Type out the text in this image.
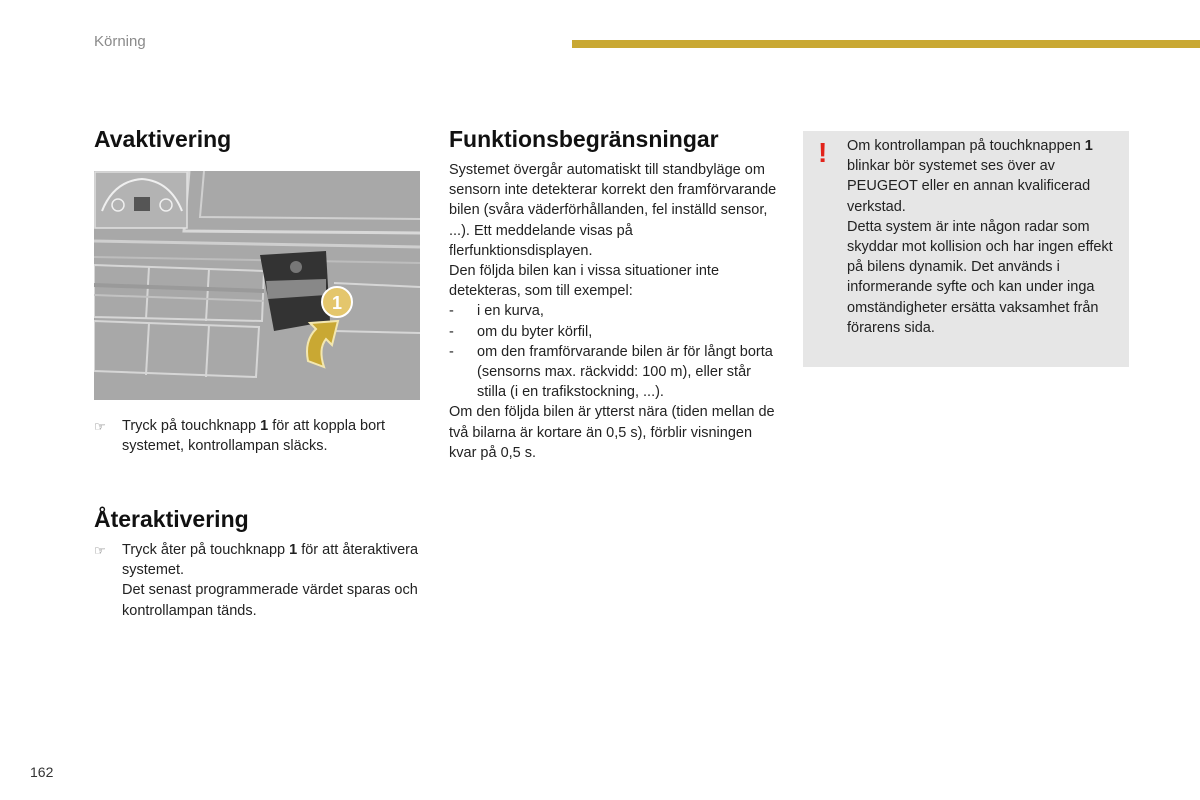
Körning
Avaktivering
1
☞	Tryck på touchknapp 1 för att koppla bort systemet, kontrollampan släcks.
Återaktivering
☞	Tryck åter på touchknapp 1 för att återaktivera systemet.
Det senast programmerade värdet sparas och kontrollampan tänds.
Funktionsbegränsningar
Systemet övergår automatiskt till standbyläge om sensorn inte detekterar korrekt den framförvarande bilen (svåra väderförhållanden, fel inställd sensor, ...). Ett meddelande visas på flerfunktionsdisplayen.
Den följda bilen kan i vissa situationer inte detekteras, som till exempel:
-	i en kurva,
-	om du byter körfil,
-	om den framförvarande bilen är för långt borta (sensorns max. räckvidd: 100 m), eller står stilla (i en trafikstockning, ...).
Om den följda bilen är ytterst nära (tiden mellan de två bilarna är kortare än 0,5 s), förblir visningen kvar på 0,5 s.
! Om kontrollampan på touchknappen 1 blinkar bör systemet ses över av PEUGEOT eller en annan kvalificerad verkstad.
Detta system är inte någon radar som skyddar mot kollision och har ingen effekt på bilens dynamik. Det används i informerande syfte och kan under inga omständigheter ersätta vaksamhet från förarens sida.
162
